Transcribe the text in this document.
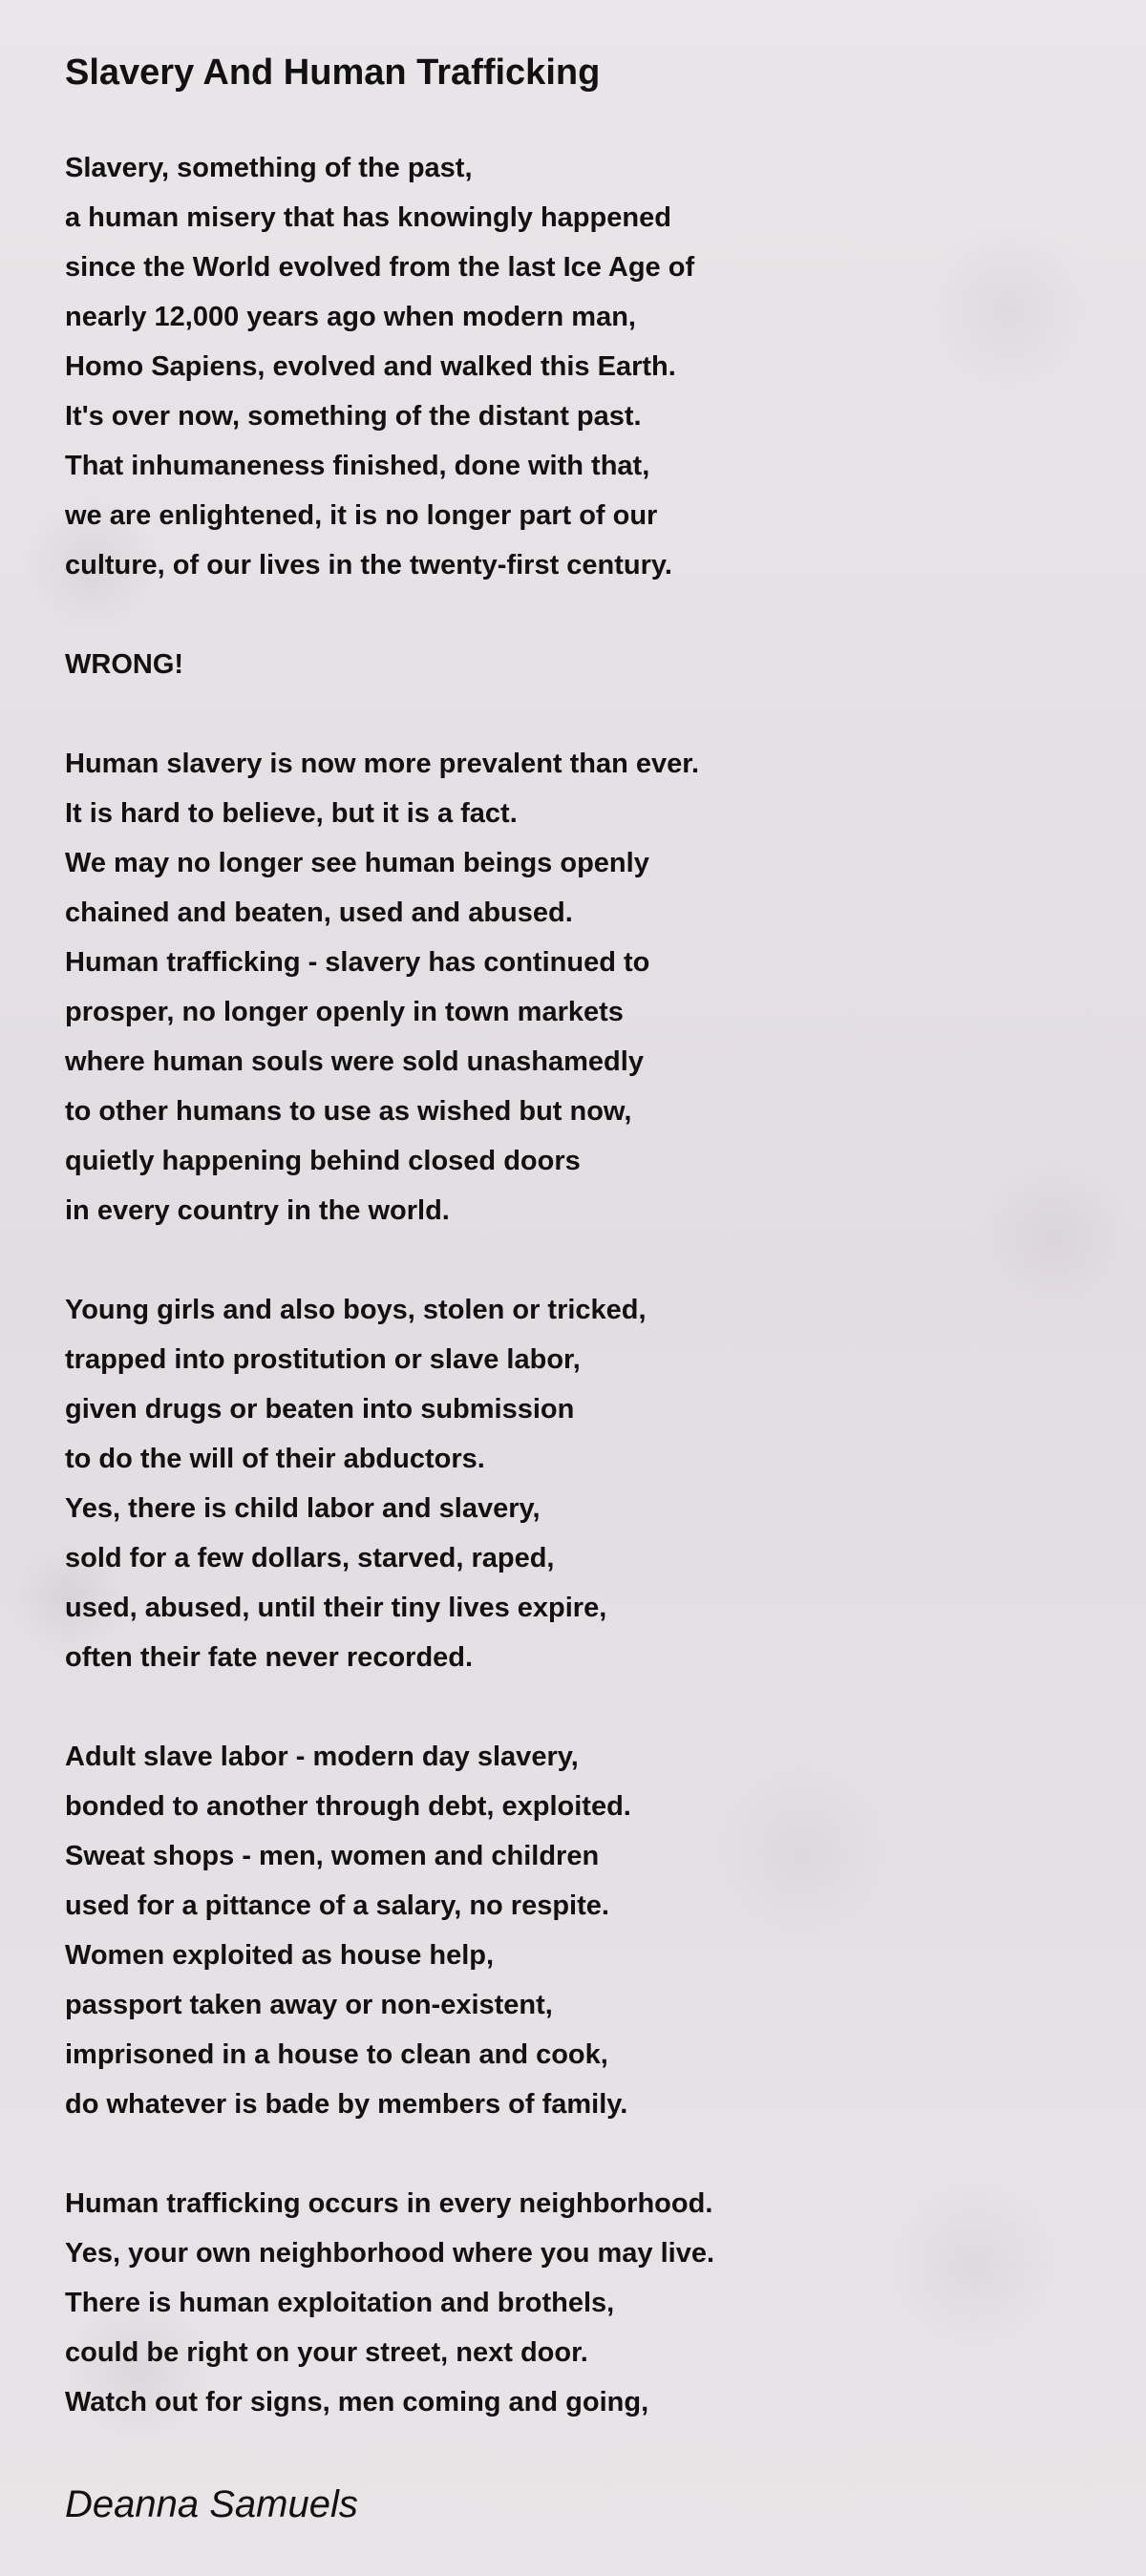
Slavery And Human Trafficking
Slavery, something of the past,
a human misery that has knowingly happened
since the World evolved from the last Ice Age of
nearly 12,000 years ago when modern man,
Homo Sapiens, evolved and walked this Earth.
It's over now, something of the distant past.
That inhumaneness finished, done with that,
we are enlightened, it is no longer part of our
culture, of our lives in the twenty-first century.
WRONG!
Human slavery is now more prevalent than ever.
It is hard to believe, but it is a fact.
We may no longer see human beings openly
chained and beaten, used and abused.
Human trafficking - slavery has continued to
prosper, no longer openly in town markets
where human souls were sold unashamedly
to other humans to use as wished but now,
quietly happening behind closed doors
in every country in the world.
Young girls and also boys, stolen or tricked,
trapped into prostitution or slave labor,
given drugs or beaten into submission
to do the will of their abductors.
Yes, there is child labor and slavery,
sold for a few dollars, starved, raped,
used, abused, until their tiny lives expire,
often their fate never recorded.
Adult slave labor - modern day slavery,
bonded to another through debt, exploited.
Sweat shops - men, women and children
used for a pittance of a salary, no respite.
Women exploited as house help,
passport taken away or non-existent,
imprisoned in a house to clean and cook,
do whatever is bade by members of family.
Human trafficking occurs in every neighborhood.
Yes, your own neighborhood where you may live.
There is human exploitation and brothels,
could be right on your street, next door.
Watch out for signs, men coming and going,

Deanna Samuels
